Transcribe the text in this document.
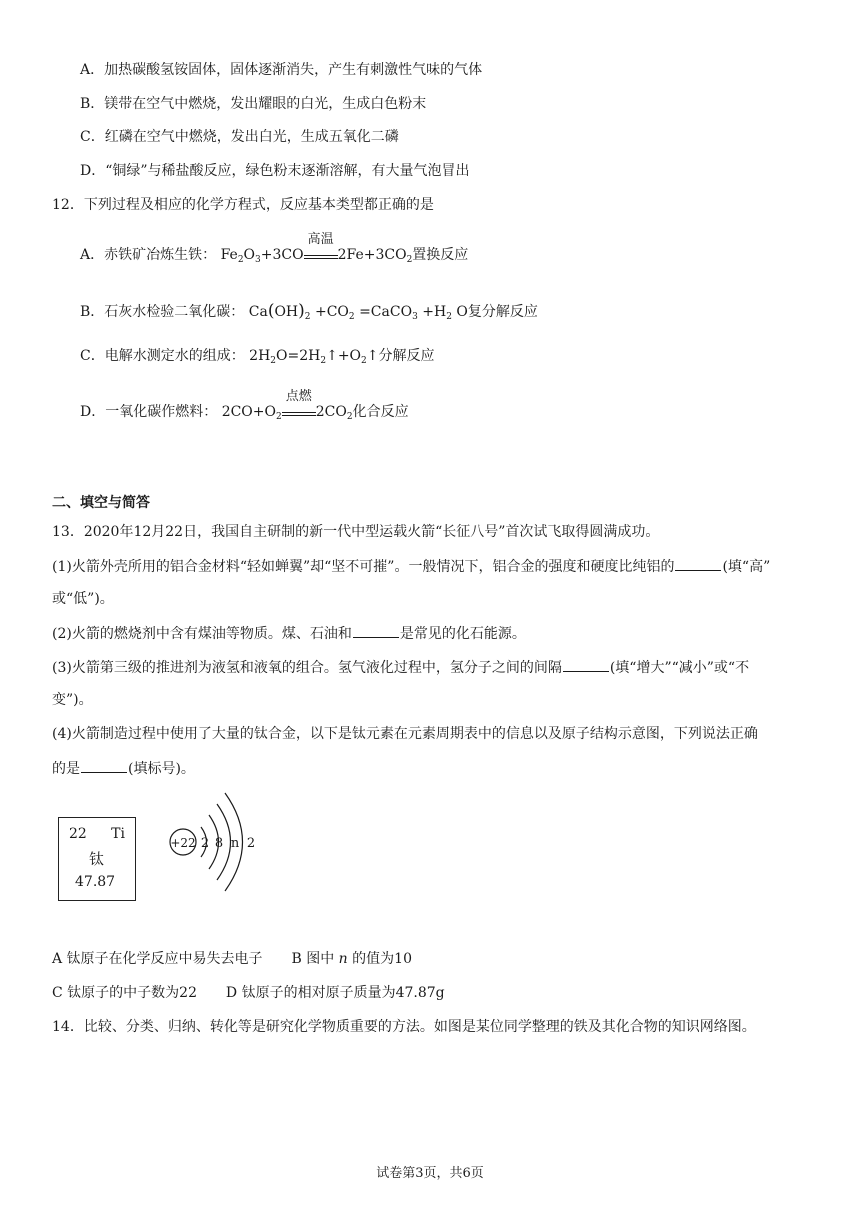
A．加热碳酸氢铵固体，固体逐渐消失，产生有刺激性气味的气体
B．镁带在空气中燃烧，发出耀眼的白光，生成白色粉末
C．红磷在空气中燃烧，发出白光，生成五氧化二磷
D．“铜绿”与稀盐酸反应，绿色粉末逐渐溶解，有大量气泡冒出
12．下列过程及相应的化学方程式，反应基本类型都正确的是
A．赤铁矿冶炼生铁： $Fe_2O_3+3CO$
高温
$2Fe+3CO_2$置换反应
B．石灰水检验二氧化碳： $Ca(OH)_2 +CO_2$ =CaCO$_3$ $+H_2$ O复分解反应
C．电解水测定水的组成： $2H_2O=2H_2↑+O_2↑$分解反应
D．一氧化碳作燃料： $2CO+O_2$
点燃
$2CO_2$化合反应
二、填空与简答
13．2020年12月22日，我国自主研制的新一代中型运载火箭“长征八号”首次试飞取得圆满成功。
(1)火箭外壳所用的铝合金材料“轻如蝉翼”却“坚不可摧”。一般情况下，铝合金的强度和硬度比纯铝的	(填“高”
或“低”)。
(2)火箭的燃烧剂中含有煤油等物质。煤、石油和	是常见的化石能源。
(3)火箭第三级的推进剂为液氢和液氧的组合。氢气液化过程中，氢分子之间的间隔	(填“增大”“减小”或“不
变”)。
(4)火箭制造过程中使用了大量的钛合金，以下是钛元素在元素周期表中的信息以及原子结构示意图，下列说法正确
的是	(填标号)。
22 Ti
钛
47.87
+22 2 8 n 2
A 钛原子在化学反应中易失去电子 B 图中 n 的值为10
C 钛原子的中子数为22 D 钛原子的相对原子质量为47.87g
14．比较、分类、归纳、转化等是研究化学物质重要的方法。如图是某位同学整理的铁及其化合物的知识网络图。
试卷第3页，共6页
